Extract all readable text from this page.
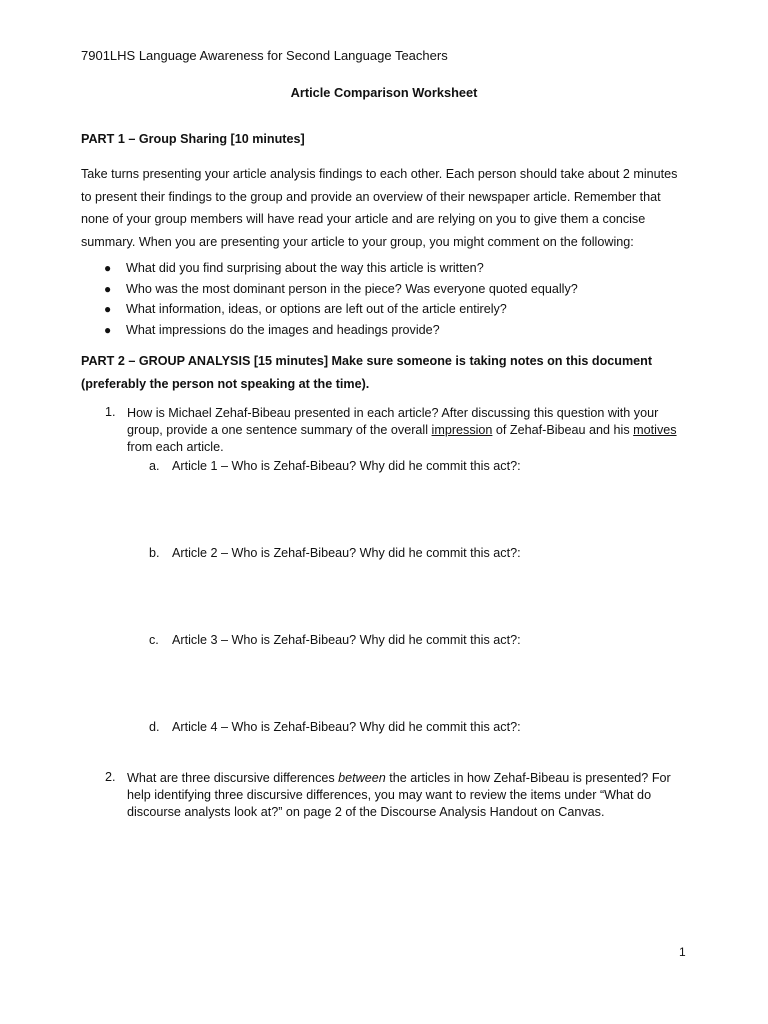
7901LHS Language Awareness for Second Language Teachers

Article Comparison Worksheet

PART 1 – Group Sharing [10 minutes]

Take turns presenting your article analysis findings to each other. Each person should take about 2 minutes to present their findings to the group and provide an overview of their newspaper article. Remember that none of your group members will have read your article and are relying on you to give them a concise summary. When you are presenting your article to your group, you might comment on the following:

● What did you find surprising about the way this article is written?
● Who was the most dominant person in the piece? Was everyone quoted equally?
● What information, ideas, or options are left out of the article entirely?
● What impressions do the images and headings provide?

PART 2 – GROUP ANALYSIS [15 minutes] Make sure someone is taking notes on this document (preferably the person not speaking at the time).

1. How is Michael Zehaf-Bibeau presented in each article? After discussing this question with your group, provide a one sentence summary of the overall impression of Zehaf-Bibeau and his motives from each article.

a. Article 1 – Who is Zehaf-Bibeau? Why did he commit this act?:
b. Article 2 – Who is Zehaf-Bibeau? Why did he commit this act?:
c. Article 3 – Who is Zehaf-Bibeau? Why did he commit this act?:
d. Article 4 – Who is Zehaf-Bibeau? Why did he commit this act?:
2. What are three discursive differences between the articles in how Zehaf-Bibeau is presented? For help identifying three discursive differences, you may want to review the items under “What do discourse analysts look at?” on page 2 of the Discourse Analysis Handout on Canvas.

1
